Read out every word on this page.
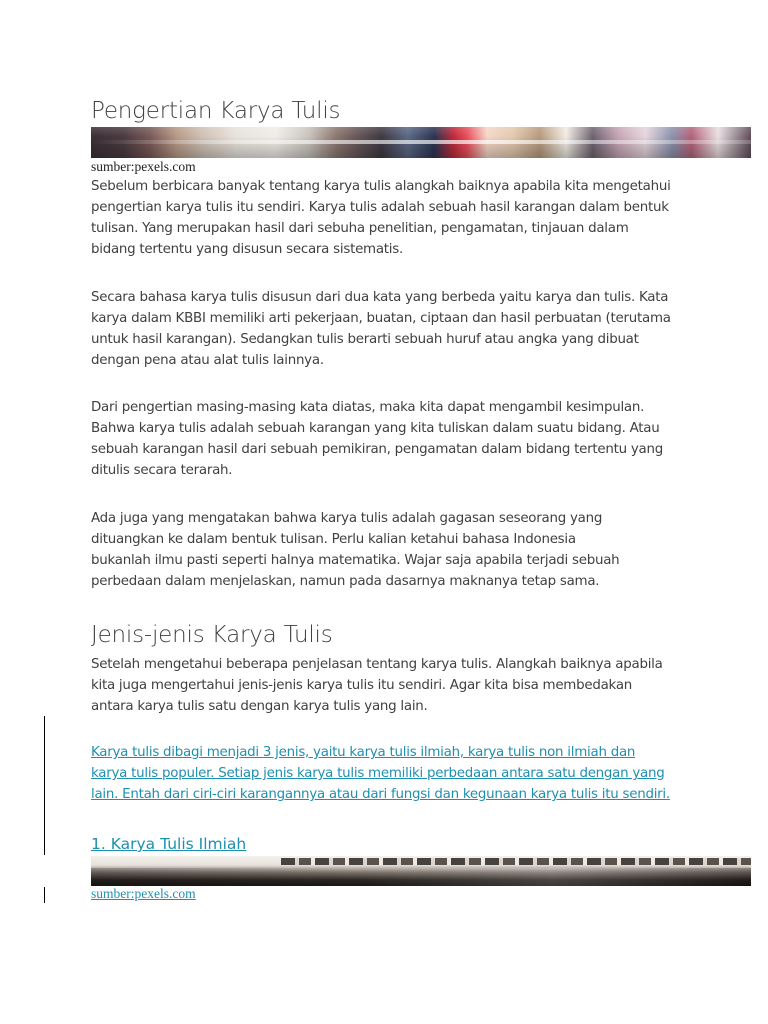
Pengertian Karya Tulis
sumber:pexels.com
Sebelum berbicara banyak tentang karya tulis alangkah baiknya apabila kita mengetahui
pengertian karya tulis itu sendiri. Karya tulis adalah sebuah hasil karangan dalam bentuk
tulisan. Yang merupakan hasil dari sebuha penelitian, pengamatan, tinjauan dalam
bidang tertentu yang disusun secara sistematis.
Secara bahasa karya tulis disusun dari dua kata yang berbeda yaitu karya dan tulis. Kata
karya dalam KBBI memiliki arti pekerjaan, buatan, ciptaan dan hasil perbuatan (terutama
untuk hasil karangan). Sedangkan tulis berarti sebuah huruf atau angka yang dibuat
dengan pena atau alat tulis lainnya.
Dari pengertian masing-masing kata diatas, maka kita dapat mengambil kesimpulan.
Bahwa karya tulis adalah sebuah karangan yang kita tuliskan dalam suatu bidang. Atau
sebuah karangan hasil dari sebuah pemikiran, pengamatan dalam bidang tertentu yang
ditulis secara terarah.
Ada juga yang mengatakan bahwa karya tulis adalah gagasan seseorang yang
dituangkan ke dalam bentuk tulisan. Perlu kalian ketahui bahasa Indonesia
bukanlah ilmu pasti seperti halnya matematika. Wajar saja apabila terjadi sebuah
perbedaan dalam menjelaskan, namun pada dasarnya maknanya tetap sama.
Jenis-jenis Karya Tulis
Setelah mengetahui beberapa penjelasan tentang karya tulis. Alangkah baiknya apabila
kita juga mengertahui jenis-jenis karya tulis itu sendiri. Agar kita bisa membedakan
antara karya tulis satu dengan karya tulis yang lain.
Karya tulis dibagi menjadi 3 jenis, yaitu karya tulis ilmiah, karya tulis non ilmiah dan
karya tulis populer. Setiap jenis karya tulis memiliki perbedaan antara satu dengan yang
lain. Entah dari ciri-ciri karangannya atau dari fungsi dan kegunaan karya tulis itu sendiri.
1. Karya Tulis Ilmiah
sumber:pexels.com
